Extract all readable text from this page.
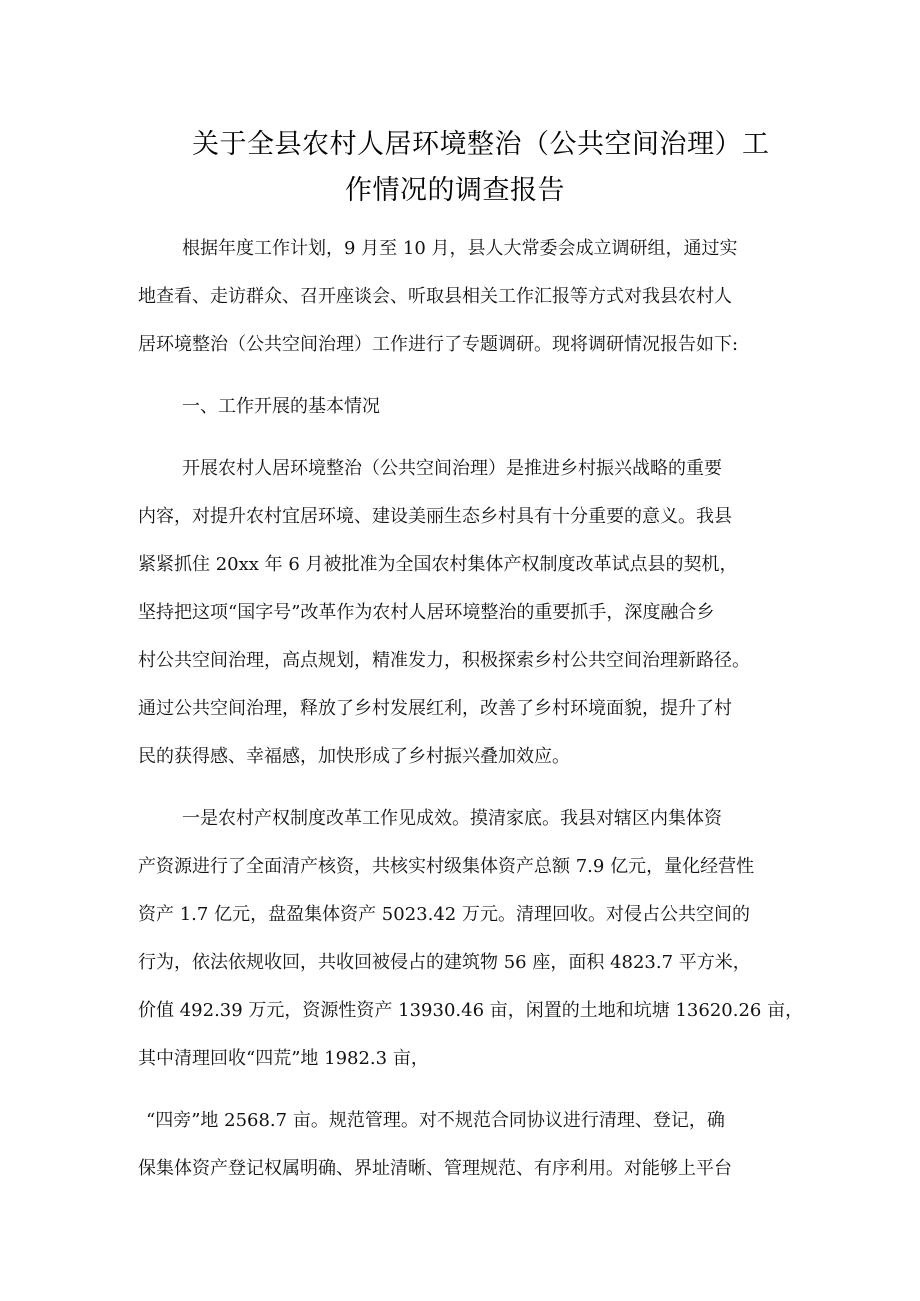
关于全县农村人居环境整治（公共空间治理）工
作情况的调查报告

根据年度工作计划，9 月至 10 月，县人大常委会成立调研组，通过实

地查看、走访群众、召开座谈会、听取县相关工作汇报等方式对我县农村人

居环境整治（公共空间治理）工作进行了专题调研。现将调研情况报告如下:

一、工作开展的基本情况

开展农村人居环境整治（公共空间治理）是推进乡村振兴战略的重要

内容，对提升农村宜居环境、建设美丽生态乡村具有十分重要的意义。我县

紧紧抓住 20xx 年 6 月被批准为全国农村集体产权制度改革试点县的契机，

坚持把这项“国字号”改革作为农村人居环境整治的重要抓手，深度融合乡

村公共空间治理，高点规划，精准发力，积极探索乡村公共空间治理新路径。

通过公共空间治理，释放了乡村发展红利，改善了乡村环境面貌，提升了村

民的获得感、幸福感，加快形成了乡村振兴叠加效应。

一是农村产权制度改革工作见成效。摸清家底。我县对辖区内集体资

产资源进行了全面清产核资，共核实村级集体资产总额 7.9 亿元，量化经营性

资产 1.7 亿元，盘盈集体资产 5023.42 万元。清理回收。对侵占公共空间的

行为，依法依规收回，共收回被侵占的建筑物 56 座，面积 4823.7 平方米，

价值 492.39 万元，资源性资产 13930.46 亩，闲置的土地和坑塘 13620.26 亩，

其中清理回收“四荒”地 1982.3 亩，

“四旁”地 2568.7 亩。规范管理。对不规范合同协议进行清理、登记，确

保集体资产登记权属明确、界址清晰、管理规范、有序利用。对能够上平台
